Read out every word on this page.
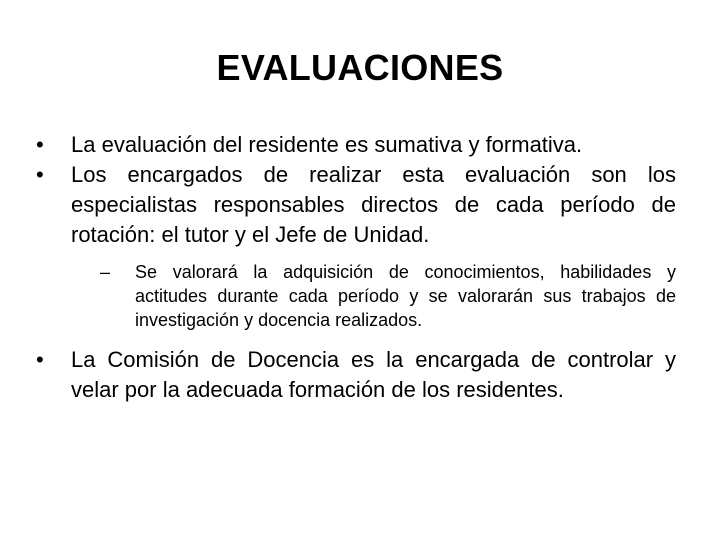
EVALUACIONES
•	La evaluación del residente es sumativa y formativa.
•	Los encargados de realizar esta evaluación son los especialistas responsables directos de cada período de rotación: el tutor y el Jefe de Unidad.
–	Se valorará la adquisición de conocimientos, habilidades y actitudes durante cada período y se valorarán sus trabajos de investigación y docencia realizados.
•	La Comisión de Docencia es la encargada de controlar y velar por la adecuada formación de los residentes.
